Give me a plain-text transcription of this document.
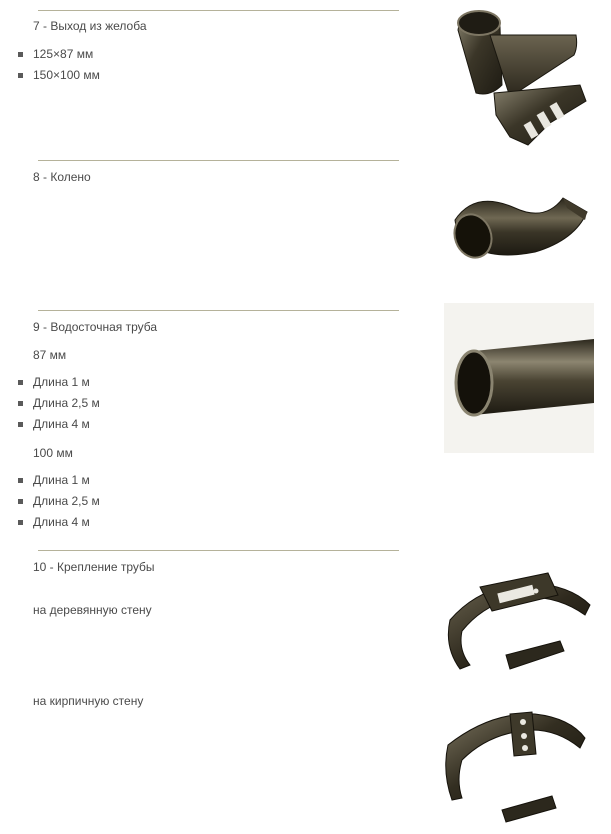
7 - Выход из желоба
125×87 мм
150×100 мм
8 - Колено
9 - Водосточная труба
87 мм
Длина 1 м
Длина 2,5 м
Длина 4 м
100 мм
Длина 1 м
Длина 2,5 м
Длина 4 м
10 - Крепление трубы
на деревянную стену
на кирпичную стену
